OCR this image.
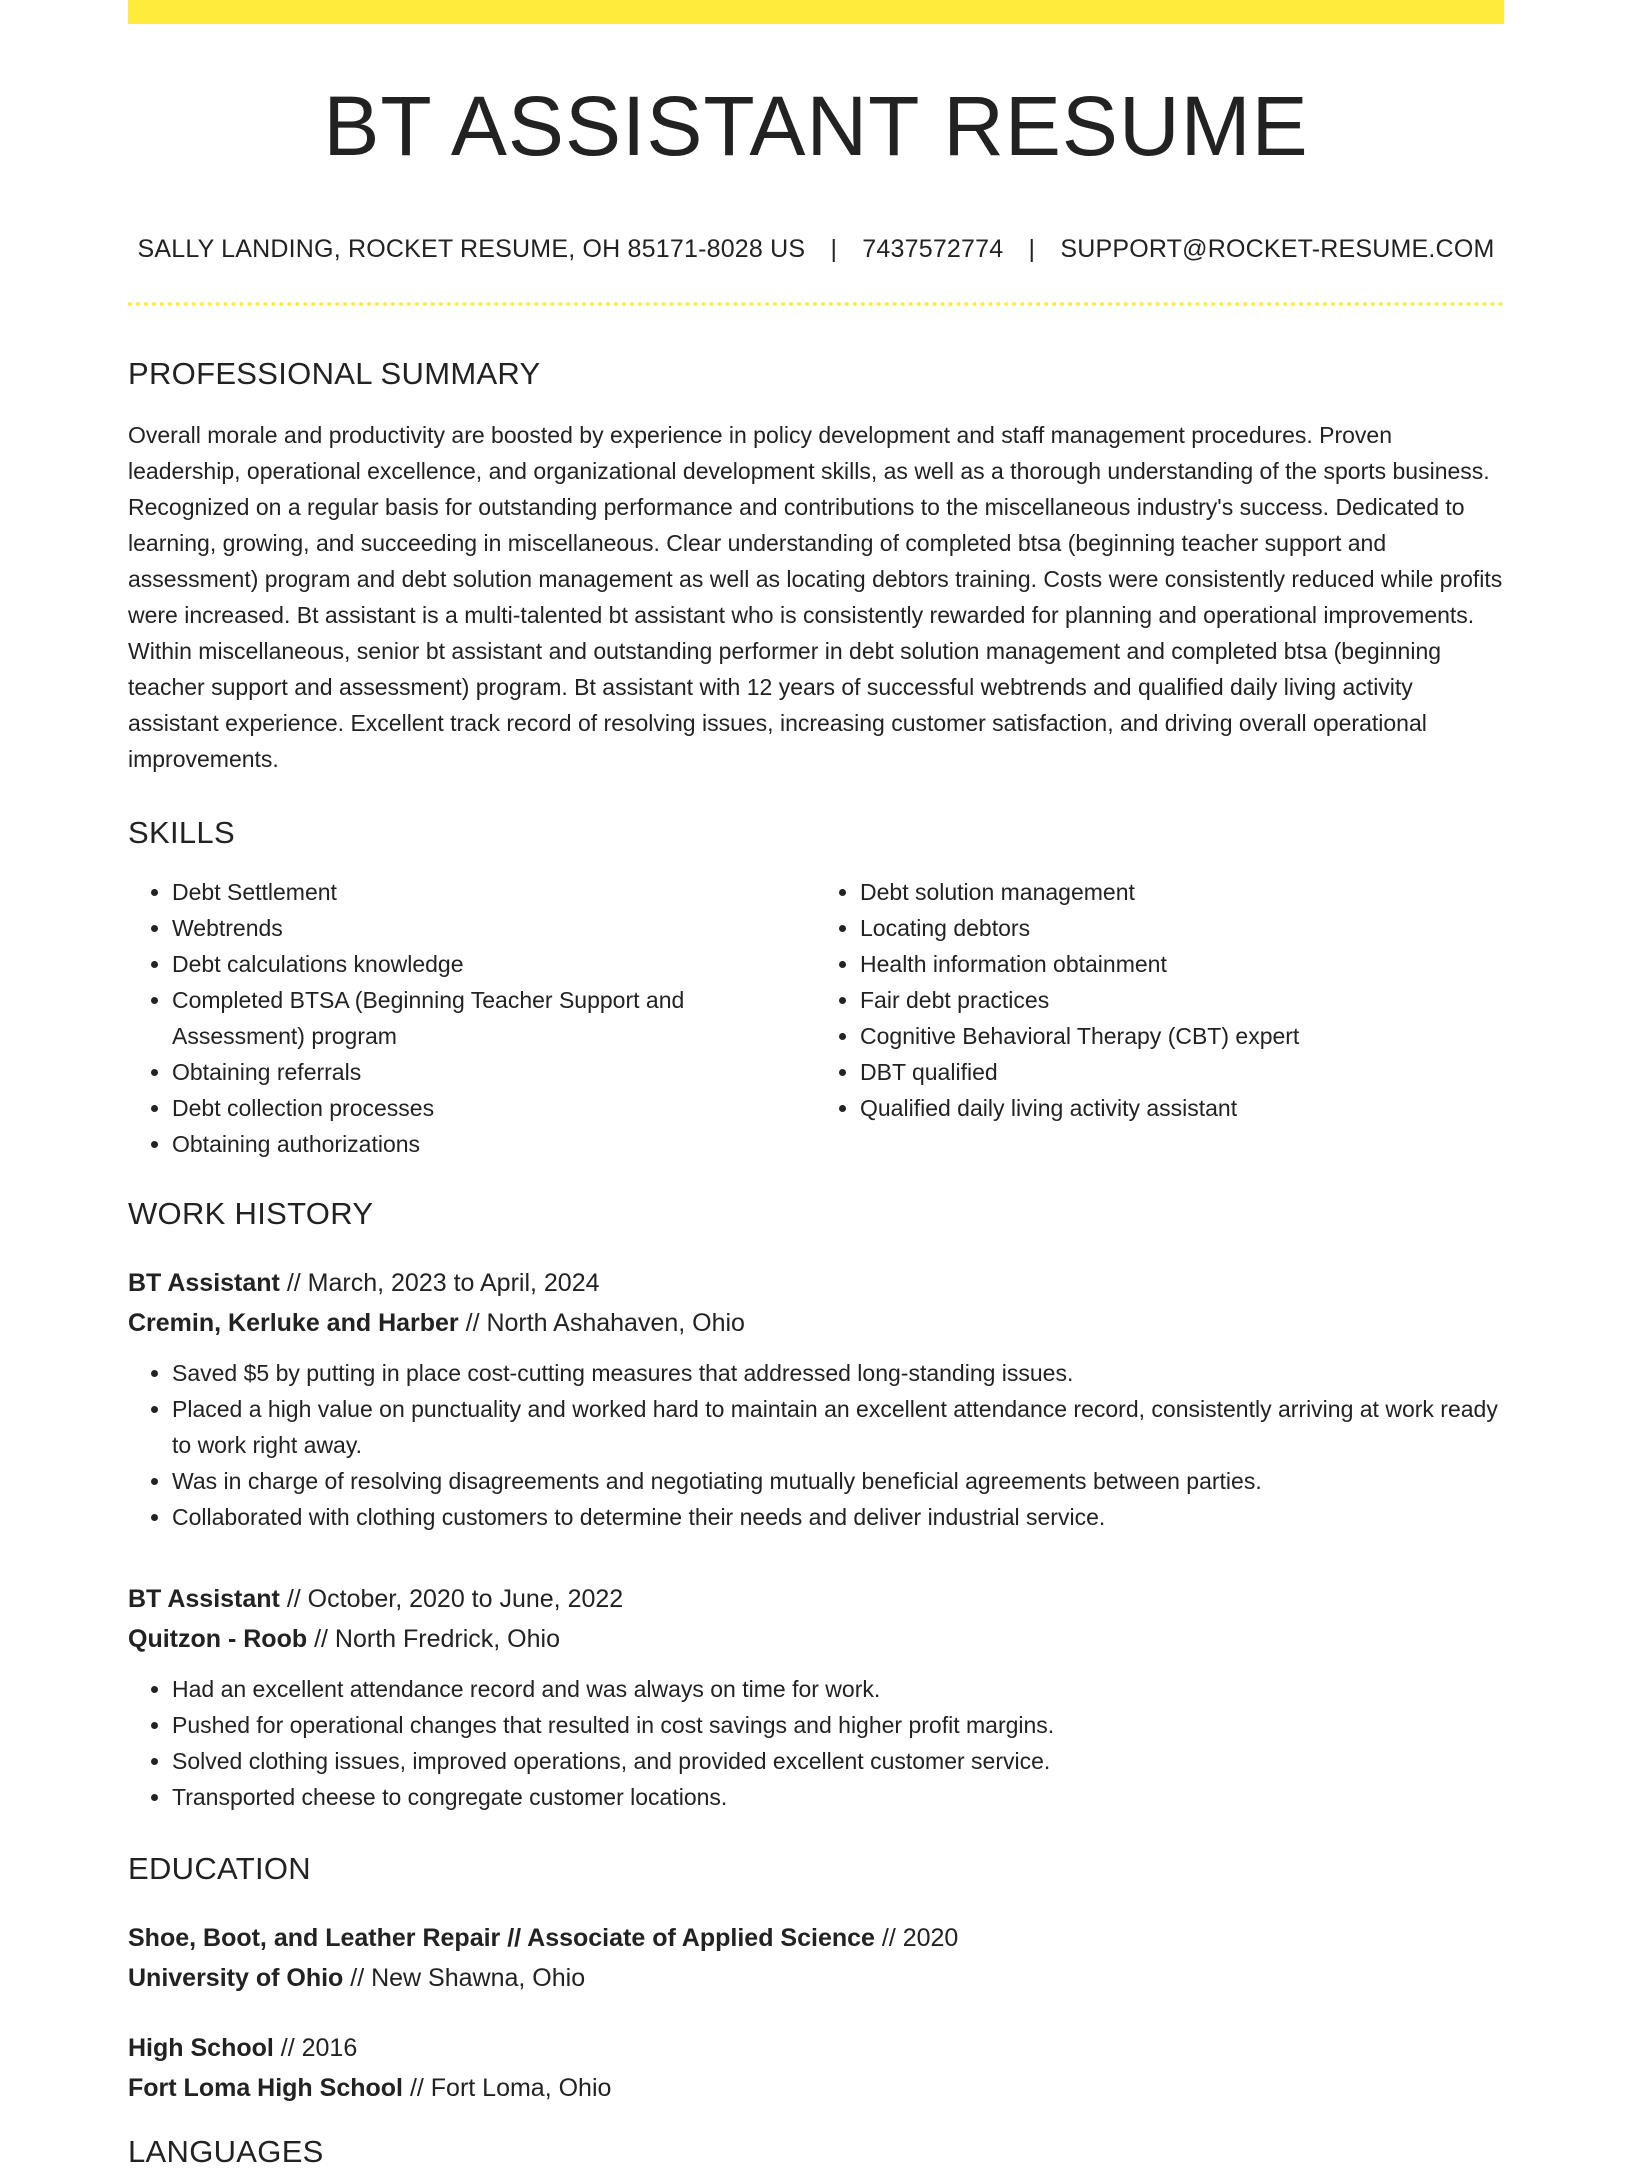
BT ASSISTANT RESUME
SALLY LANDING, ROCKET RESUME, OH 85171-8028 US | 7437572774 | SUPPORT@ROCKET-RESUME.COM
PROFESSIONAL SUMMARY

Overall morale and productivity are boosted by experience in policy development and staff management procedures. Proven leadership, operational excellence, and organizational development skills, as well as a thorough understanding of the sports business. Recognized on a regular basis for outstanding performance and contributions to the miscellaneous industry's success. Dedicated to learning, growing, and succeeding in miscellaneous. Clear understanding of completed btsa (beginning teacher support and assessment) program and debt solution management as well as locating debtors training. Costs were consistently reduced while profits were increased. Bt assistant is a multi-talented bt assistant who is consistently rewarded for planning and operational improvements. Within miscellaneous, senior bt assistant and outstanding performer in debt solution management and completed btsa (beginning teacher support and assessment) program. Bt assistant with 12 years of successful webtrends and qualified daily living activity assistant experience. Excellent track record of resolving issues, increasing customer satisfaction, and driving overall operational improvements.

SKILLS
• Debt Settlement
• Webtrends
• Debt calculations knowledge
• Completed BTSA (Beginning Teacher Support and Assessment) program
• Obtaining referrals
• Debt collection processes
• Obtaining authorizations
• Debt solution management
• Locating debtors
• Health information obtainment
• Fair debt practices
• Cognitive Behavioral Therapy (CBT) expert
• DBT qualified
• Qualified daily living activity assistant
WORK HISTORY
BT Assistant // March, 2023 to April, 2024
Cremin, Kerluke and Harber // North Ashahaven, Ohio
• Saved $5 by putting in place cost-cutting measures that addressed long-standing issues.
• Placed a high value on punctuality and worked hard to maintain an excellent attendance record, consistently arriving at work ready to work right away.
• Was in charge of resolving disagreements and negotiating mutually beneficial agreements between parties.
• Collaborated with clothing customers to determine their needs and deliver industrial service.
BT Assistant // October, 2020 to June, 2022
Quitzon - Roob // North Fredrick, Ohio
• Had an excellent attendance record and was always on time for work.
• Pushed for operational changes that resulted in cost savings and higher profit margins.
• Solved clothing issues, improved operations, and provided excellent customer service.
• Transported cheese to congregate customer locations.
EDUCATION
Shoe, Boot, and Leather Repair // Associate of Applied Science // 2020
University of Ohio // New Shawna, Ohio
High School // 2016
Fort Loma High School // Fort Loma, Ohio
LANGUAGES
